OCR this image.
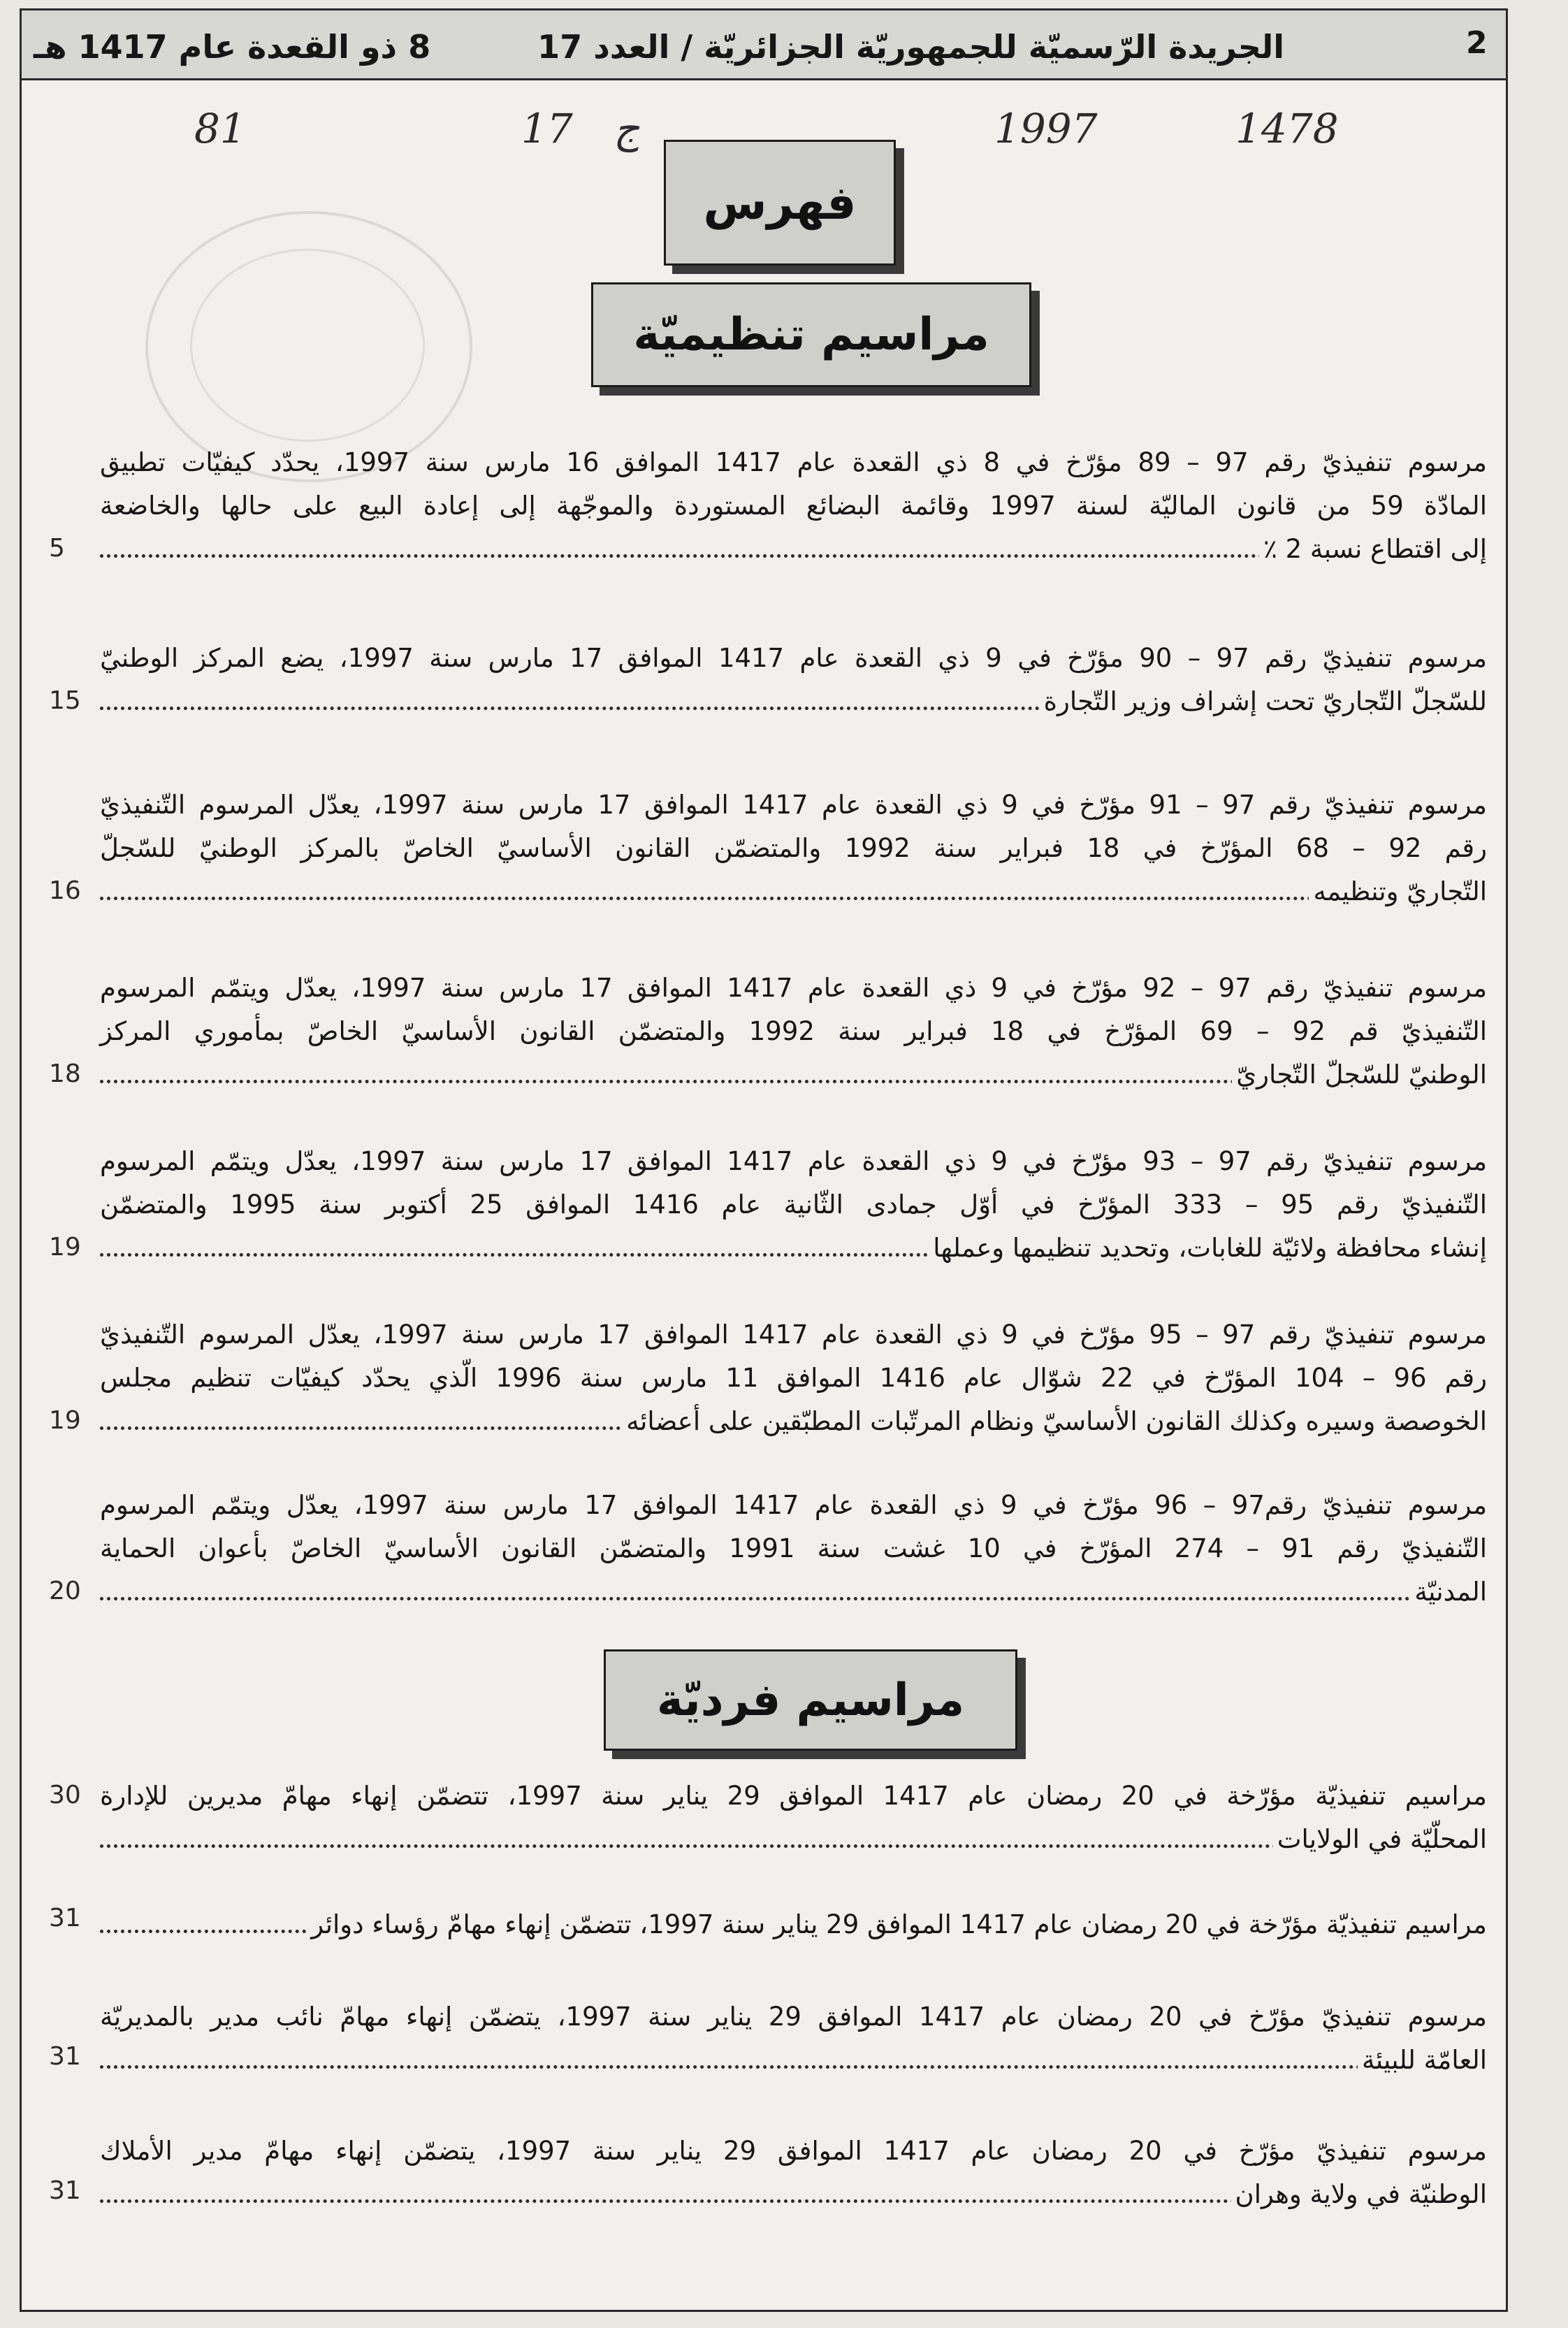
2
الجريدة الرّسميّة للجمهوريّة الجزائريّة / العدد 17
8 ذو القعدة عام 1417 هـ
1478
1997
ج
17
81
فهرس
مراسيم تنظيميّة
مرسوم تنفيذيّ رقم 97 – 89 مؤرّخ في 8 ذي القعدة عام 1417 الموافق 16 مارس سنة 1997، يحدّد كيفيّات تطبيق
المادّة 59 من قانون الماليّة لسنة 1997 وقائمة البضائع المستوردة والموجّهة إلى إعادة البيع على حالها والخاضعة
إلى اقتطاع نسبة 2 ٪
5
مرسوم تنفيذيّ رقم 97 – 90 مؤرّخ في 9 ذي القعدة عام 1417 الموافق 17 مارس سنة 1997، يضع المركز الوطنيّ
للسّجلّ التّجاريّ تحت إشراف وزير التّجارة
15
مرسوم تنفيذيّ رقم 97 – 91 مؤرّخ في 9 ذي القعدة عام 1417 الموافق 17 مارس سنة 1997، يعدّل المرسوم التّنفيذيّ
رقم 92 – 68 المؤرّخ في 18 فبراير سنة 1992 والمتضمّن القانون الأساسيّ الخاصّ بالمركز الوطنيّ للسّجلّ
التّجاريّ وتنظيمه
16
مرسوم تنفيذيّ رقم 97 – 92 مؤرّخ في 9 ذي القعدة عام 1417 الموافق 17 مارس سنة 1997، يعدّل ويتمّم المرسوم
التّنفيذيّ قم 92 – 69 المؤرّخ في 18 فبراير سنة 1992 والمتضمّن القانون الأساسيّ الخاصّ بمأموري المركز
الوطنيّ للسّجلّ التّجاريّ
18
مرسوم تنفيذيّ رقم 97 – 93 مؤرّخ في 9 ذي القعدة عام 1417 الموافق 17 مارس سنة 1997، يعدّل ويتمّم المرسوم
التّنفيذيّ رقم 95 – 333 المؤرّخ في أوّل جمادى الثّانية عام 1416 الموافق 25 أكتوبر سنة 1995 والمتضمّن
إنشاء محافظة ولائيّة للغابات، وتحديد تنظيمها وعملها
19
مرسوم تنفيذيّ رقم 97 – 95 مؤرّخ في 9 ذي القعدة عام 1417 الموافق 17 مارس سنة 1997، يعدّل المرسوم التّنفيذيّ
رقم 96 – 104 المؤرّخ في 22 شوّال عام 1416 الموافق 11 مارس سنة 1996 الّذي يحدّد كيفيّات تنظيم مجلس
الخوصصة وسيره وكذلك القانون الأساسيّ ونظام المرتّبات المطبّقين على أعضائه
19
مرسوم تنفيذيّ رقم97 – 96 مؤرّخ في 9 ذي القعدة عام 1417 الموافق 17 مارس سنة 1997، يعدّل ويتمّم المرسوم
التّنفيذيّ رقم 91 – 274 المؤرّخ في 10 غشت سنة 1991 والمتضمّن القانون الأساسيّ الخاصّ بأعوان الحماية
المدنيّة
20
مراسيم فرديّة
مراسيم تنفيذيّة مؤرّخة في 20 رمضان عام 1417 الموافق 29 يناير سنة 1997، تتضمّن إنهاء مهامّ مديرين للإدارة
المحلّيّة في الولايات
30
مراسيم تنفيذيّة مؤرّخة في 20 رمضان عام 1417 الموافق 29 يناير سنة 1997، تتضمّن إنهاء مهامّ رؤساء دوائر
31
مرسوم تنفيذيّ مؤرّخ في 20 رمضان عام 1417 الموافق 29 يناير سنة 1997، يتضمّن إنهاء مهامّ نائب مدير بالمديريّة
العامّة للبيئة
31
مرسوم تنفيذيّ مؤرّخ في 20 رمضان عام 1417 الموافق 29 يناير سنة 1997، يتضمّن إنهاء مهامّ مدير الأملاك
الوطنيّة في ولاية وهران
31
